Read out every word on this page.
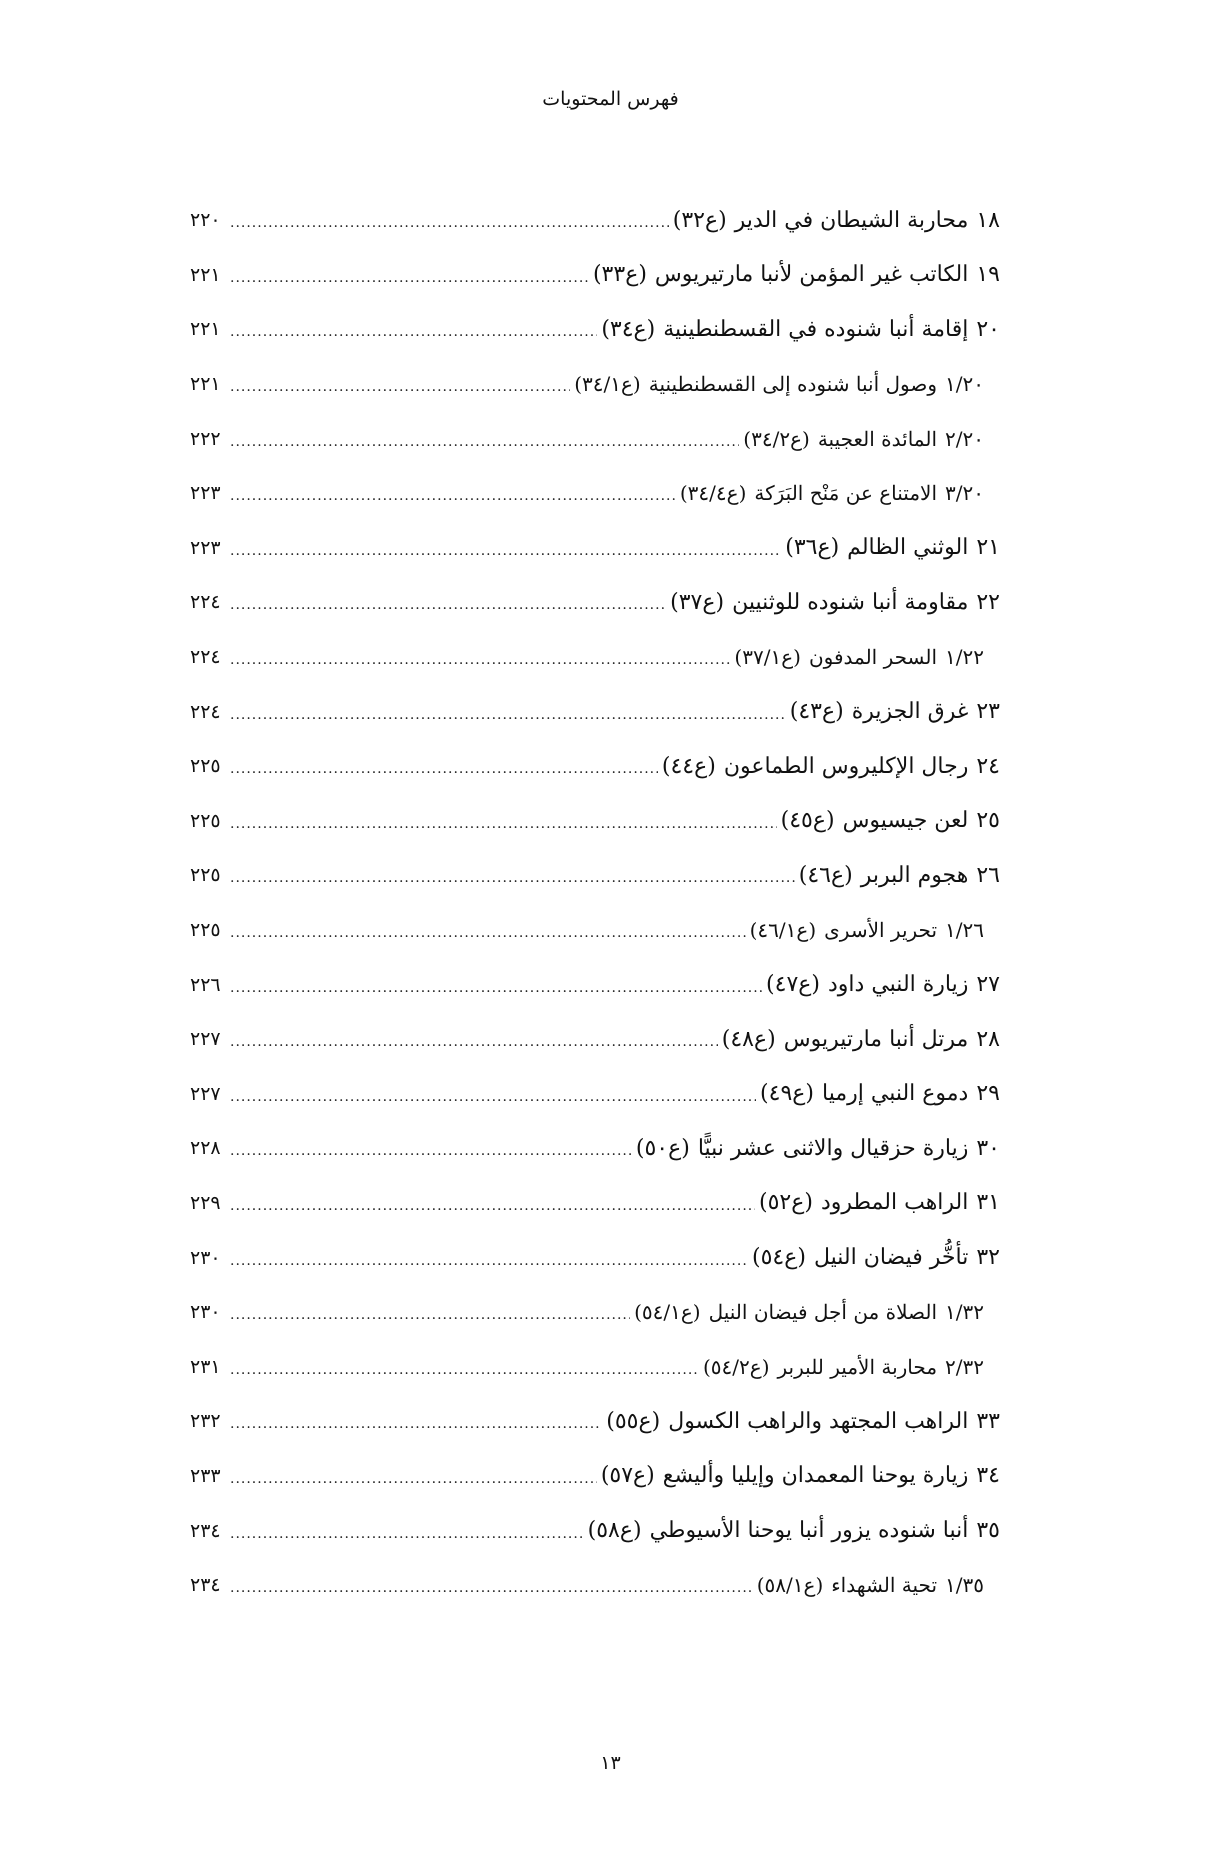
فهرس المحتويات
١٨
محاربة الشيطان في الدير
(ع٣٢)
.....
٢٢٠
١٩
الكاتب غير المؤمن لأنبا مارتيريوس
(ع٣٣)
.....
٢٢١
٢٠
إقامة أنبا شنوده في القسطنطينية
(ع٣٤)
.....
٢٢١
١/٢٠
وصول أنبا شنوده إلى القسطنطينية
(ع٣٤/١)
.....
٢٢١
٢/٢٠
المائدة العجيبة
(ع٣٤/٢)
.....
٢٢٢
٣/٢٠
الامتناع عن مَنْح البَرَكة
(ع٣٤/٤)
.....
٢٢٣
٢١
الوثني الظالم
(ع٣٦)
.....
٢٢٣
٢٢
مقاومة أنبا شنوده للوثنيين
(ع٣٧)
.....
٢٢٤
١/٢٢
السحر المدفون
(ع٣٧/١)
.....
٢٢٤
٢٣
غرق الجزيرة
(ع٤٣)
.....
٢٢٤
٢٤
رجال الإكليروس الطماعون
(ع٤٤)
.....
٢٢٥
٢٥
لعن جيسيوس
(ع٤٥)
.....
٢٢٥
٢٦
هجوم البربر
(ع٤٦)
.....
٢٢٥
١/٢٦
تحرير الأسرى
(ع٤٦/١)
.....
٢٢٥
٢٧
زيارة النبي داود
(ع٤٧)
.....
٢٢٦
٢٨
مرتل أنبا مارتيريوس
(ع٤٨)
.....
٢٢٧
٢٩
دموع النبي إرميا
(ع٤٩)
.....
٢٢٧
٣٠
زيارة حزقيال والاثنى عشر نبيًّا
(ع٥٠)
.....
٢٢٨
٣١
الراهب المطرود
(ع٥٢)
.....
٢٢٩
٣٢
تأخُّر فيضان النيل
(ع٥٤)
.....
٢٣٠
١/٣٢
الصلاة من أجل فيضان النيل
(ع٥٤/١)
.....
٢٣٠
٢/٣٢
محاربة الأمير للبربر
(ع٥٤/٢)
.....
٢٣١
٣٣
الراهب المجتهد والراهب الكسول
(ع٥٥)
.....
٢٣٢
٣٤
زيارة يوحنا المعمدان وإيليا وأليشع
(ع٥٧)
.....
٢٣٣
٣٥
أنبا شنوده يزور أنبا يوحنا الأسيوطي
(ع٥٨)
.....
٢٣٤
١/٣٥
تحية الشهداء
(ع٥٨/١)
.....
٢٣٤
١٣
